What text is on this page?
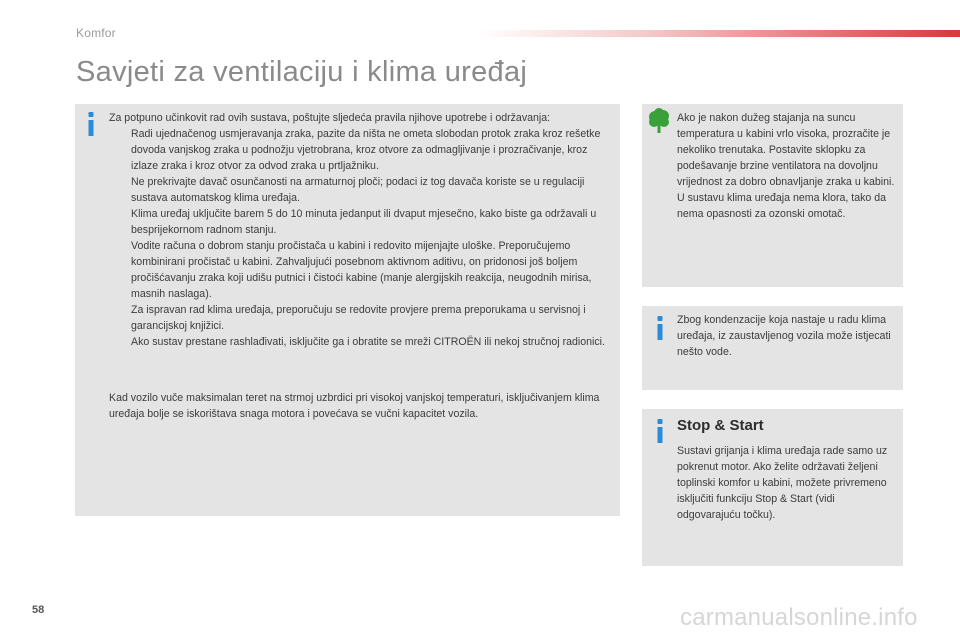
Komfor
Savjeti za ventilaciju i klima uređaj

Za potpuno učinkovit rad ovih sustava, poštujte sljedeća pravila njihove upotrebe i održavanja:

Radi ujednačenog usmjeravanja zraka, pazite da ništa ne ometa slobodan protok zraka kroz rešetke dovoda vanjskog zraka u podnožju vjetrobrana, kroz otvore za odmagljivanje i prozračivanje, kroz izlaze zraka i kroz otvor za odvod zraka u prtljažniku.
Ne prekrivajte davač osunčanosti na armaturnoj ploči; podaci iz tog davača koriste se u regulaciji sustava automatskog klima uređaja.
Klima uređaj uključite barem 5 do 10 minuta jedanput ili dvaput mjesečno, kako biste ga održavali u besprijekornom radnom stanju.
Vodite računa o dobrom stanju pročistača u kabini i redovito mijenjajte uloške. Preporučujemo kombinirani pročistač u kabini. Zahvaljujući posebnom aktivnom aditivu, on pridonosi još boljem pročišćavanju zraka koji udišu putnici i čistoći kabine (manje alergijskih reakcija, neugodnih mirisa, masnih naslaga).
Za ispravan rad klima uređaja, preporučuju se redovite provjere prema preporukama u servisnoj i garancijskoj knjižici.
Ako sustav prestane rashlađivati, isključite ga i obratite se mreži CITROËN ili nekoj stručnoj radionici.

Kad vozilo vuče maksimalan teret na strmoj uzbrdici pri visokoj vanjskoj temperaturi, isključivanjem klima uređaja bolje se iskorištava snaga motora i povećava se vučni kapacitet vozila.

Ako je nakon dužeg stajanja na suncu temperatura u kabini vrlo visoka, prozračite je nekoliko trenutaka. Postavite sklopku za podešavanje brzine ventilatora na dovoljnu vrijednost za dobro obnavljanje zraka u kabini. U sustavu klima uređaja nema klora, tako da nema opasnosti za ozonski omotač.

Zbog kondenzacije koja nastaje u radu klima uređaja, iz zaustavljenog vozila može istjecati nešto vode.

Stop & Start

Sustavi grijanja i klima uređaja rade samo uz pokrenut motor. Ako želite održavati željeni toplinski komfor u kabini, možete privremeno isključiti funkciju Stop & Start (vidi odgovarajuću točku).

58	carmanualsonline.info
